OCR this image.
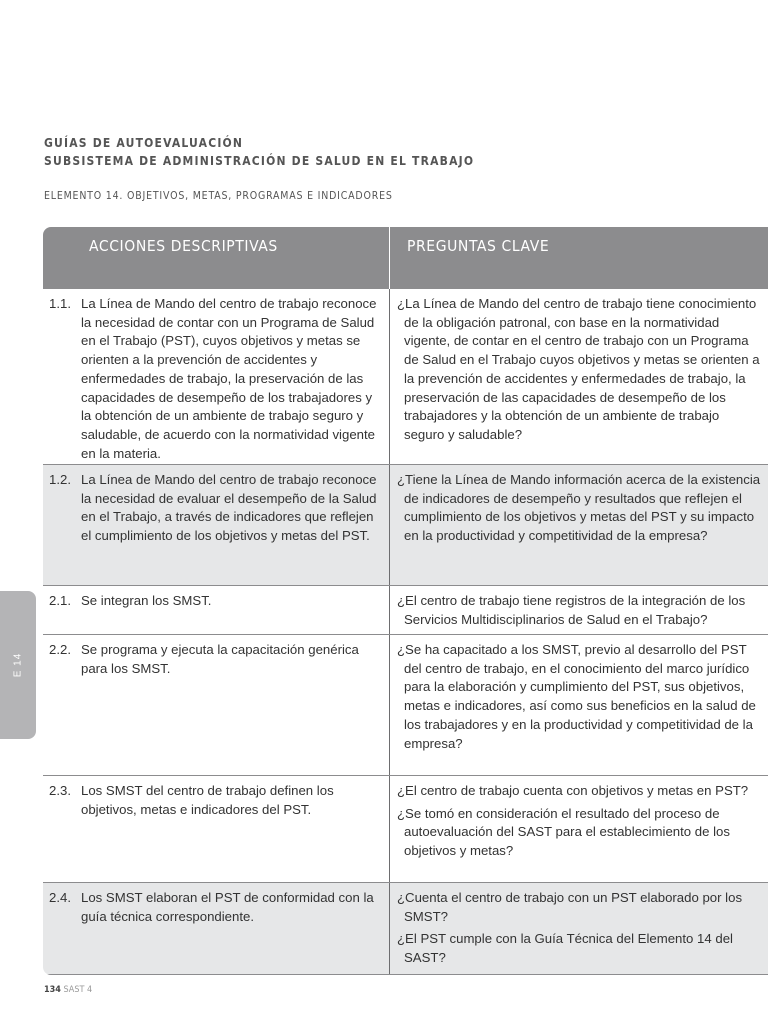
GUÍAS DE AUTOEVALUACIÓN
SUBSISTEMA DE ADMINISTRACIÓN DE SALUD EN EL TRABAJO
ELEMENTO 14. OBJETIVOS, METAS, PROGRAMAS E INDICADORES
ACCIONES DESCRIPTIVAS	PREGUNTAS CLAVE
1.1. La Línea de Mando del centro de trabajo reconoce la necesidad de contar con un Programa de Salud en el Trabajo (PST), cuyos objetivos y metas se orienten a la prevención de accidentes y enfermedades de trabajo, la preservación de las capacidades de desempeño de los trabajadores y la obtención de un ambiente de trabajo seguro y saludable, de acuerdo con la normatividad vigente en la materia.
¿La Línea de Mando del centro de trabajo tiene conocimiento de la obligación patronal, con base en la normatividad vigente, de contar en el centro de trabajo con un Programa de Salud en el Trabajo cuyos objetivos y metas se orienten a la prevención de accidentes y enfermedades de trabajo, la preservación de las capacidades de desempeño de los trabajadores y la obtención de un ambiente de trabajo seguro y saludable?
1.2. La Línea de Mando del centro de trabajo reconoce la necesidad de evaluar el desempeño de la Salud en el Trabajo, a través de indicadores que reflejen el cumplimiento de los objetivos y metas del PST.
¿Tiene la Línea de Mando información acerca de la existencia de indicadores de desempeño y resultados que reflejen el cumplimiento de los objetivos y metas del PST y su impacto en la productividad y competitividad de la empresa?
2.1. Se integran los SMST.	¿El centro de trabajo tiene registros de la integración de los Servicios Multidisciplinarios de Salud en el Trabajo?
2.2. Se programa y ejecuta la capacitación genérica para los SMST.
¿Se ha capacitado a los SMST, previo al desarrollo del PST del centro de trabajo, en el conocimiento del marco jurídico para la elaboración y cumplimiento del PST, sus objetivos, metas e indicadores, así como sus beneficios en la salud de los trabajadores y en la productividad y competitividad de la empresa?
2.3. Los SMST del centro de trabajo definen los objetivos, metas e indicadores del PST.
¿El centro de trabajo cuenta con objetivos y metas en PST?
¿Se tomó en consideración el resultado del proceso de autoevaluación del SAST para el establecimiento de los objetivos y metas?
2.4. Los SMST elaboran el PST de conformidad con la guía técnica correspondiente.
¿Cuenta el centro de trabajo con un PST elaborado por los SMST?
¿El PST cumple con la Guía Técnica del Elemento 14 del SAST?
E 14
134 SAST 4
